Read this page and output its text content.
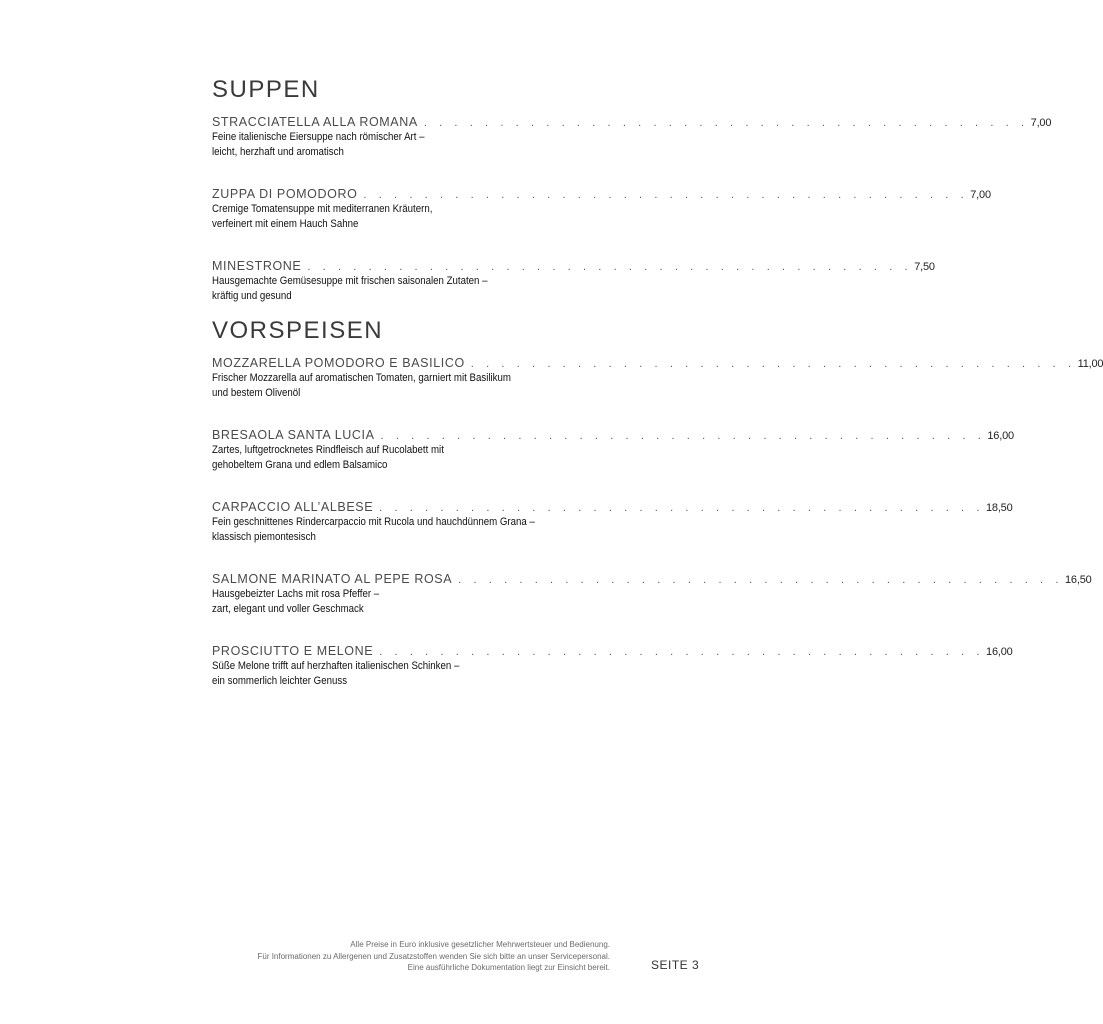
SUPPEN
STRACCIATELLA ALLA ROMANA . . . . . . . . . . . . . . . . . . . . . . . . . . . . . . . . . . . . . . . . 7,00
Feine italienische Eiersuppe nach römischer Art –
leicht, herzhaft und aromatisch
ZUPPA DI POMODORO . . . . . . . . . . . . . . . . . . . . . . . . . . . . . . . . . . . . . . . . 7,00
Cremige Tomatensuppe mit mediterranen Kräutern,
verfeinert mit einem Hauch Sahne
MINESTRONE . . . . . . . . . . . . . . . . . . . . . . . . . . . . . . . . . . . . . . . . 7,50
Hausgemachte Gemüsesuppe mit frischen saisonalen Zutaten –
kräftig und gesund
VORSPEISEN
MOZZARELLA POMODORO E BASILICO . . . . . . . . . . . . . . . . . . . . . . . . . . . . . . . . . . . . . . . . 11,00
Frischer Mozzarella auf aromatischen Tomaten, garniert mit Basilikum
und bestem Olivenöl
BRESAOLA SANTA LUCIA . . . . . . . . . . . . . . . . . . . . . . . . . . . . . . . . . . . . . . . . 16,00
Zartes, luftgetrocknetes Rindfleisch auf Rucolabett mit
gehobeltem Grana und edlem Balsamico
CARPACCIO ALL’ALBESE . . . . . . . . . . . . . . . . . . . . . . . . . . . . . . . . . . . . . . . . 18,50
Fein geschnittenes Rindercarpaccio mit Rucola und hauchdünnem Grana –
klassisch piemontesisch
SALMONE MARINATO AL PEPE ROSA . . . . . . . . . . . . . . . . . . . . . . . . . . . . . . . . . . . . . . . . 16,50
Hausgebeizter Lachs mit rosa Pfeffer –
zart, elegant und voller Geschmack
PROSCIUTTO E MELONE . . . . . . . . . . . . . . . . . . . . . . . . . . . . . . . . . . . . . . . . 16,00
Süße Melone trifft auf herzhaften italienischen Schinken –
ein sommerlich leichter Genuss
Alle Preise in Euro inklusive gesetzlicher Mehrwertsteuer und Bedienung.
Für Informationen zu Allergenen und Zusatzstoffen wenden Sie sich bitte an unser Servicepersonal.
Eine ausführliche Dokumentation liegt zur Einsicht bereit.	SEITE 3
